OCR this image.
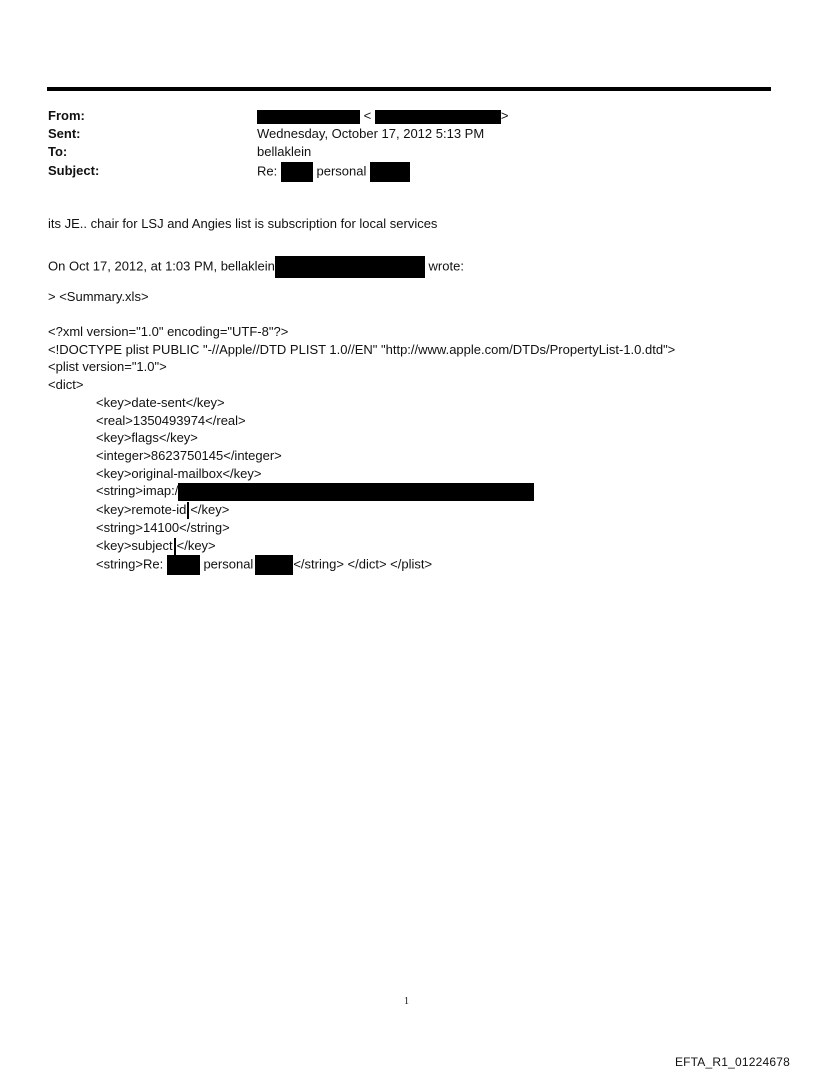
From:	<	>
Sent:	Wednesday, October 17, 2012 5:13 PM
To:	bellaklein
Subject:	Re:	personal
its JE.. chair for LSJ and Angies list is subscription for local services
On Oct 17, 2012, at 1:03 PM, bellaklein	wrote:
> <Summary.xls>
<?xml version="1.0" encoding="UTF-8"?>
<!DOCTYPE plist PUBLIC "-//Apple//DTD PLIST 1.0//EN" "http://www.apple.com/DTDs/PropertyList-1.0.dtd">
<plist version="1.0">
<dict>
<key>date-sent</key>
<real>1350493974</real>
<key>flags</key>
<integer>8623750145</integer>
<key>original-mailbox</key>
<string>imap:/
<key>remote-id </key>
<string>14100</string>
<key>subject </key>
<string>Re:	personal	</string> </dict> </plist>
1
EFTA_R1_01224678
